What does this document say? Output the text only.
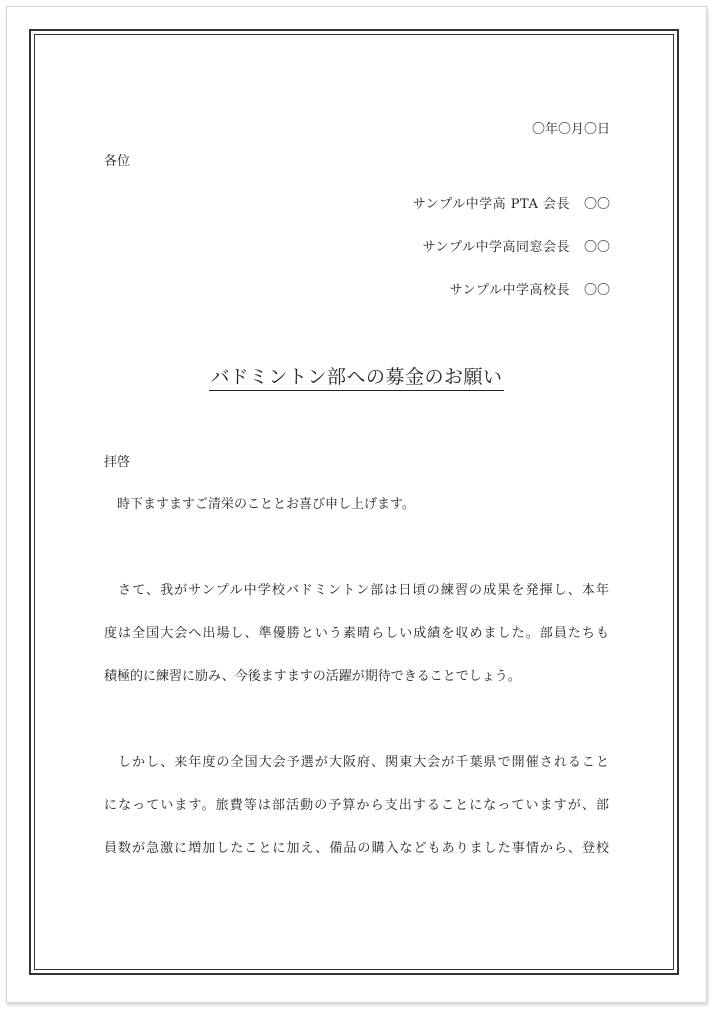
〇年〇月〇日
各位
サンプル中学高 PTA 会長 〇〇
サンプル中学高同窓会長 〇〇
サンプル中学高校長 〇〇
バドミントン部への募金のお願い
拝啓
　時下ますますご清栄のこととお喜び申し上げます。
　さて、我がサンプル中学校バドミントン部は日頃の練習の成果を発揮し、本年
度は全国大会へ出場し、準優勝という素晴らしい成績を収めました。部員たちも
積極的に練習に励み、今後ますますの活躍が期待できることでしょう。
　しかし、来年度の全国大会予選が大阪府、関東大会が千葉県で開催されること
になっています。旅費等は部活動の予算から支出することになっていますが、部
員数が急激に増加したことに加え、備品の購入などもありました事情から、登校
